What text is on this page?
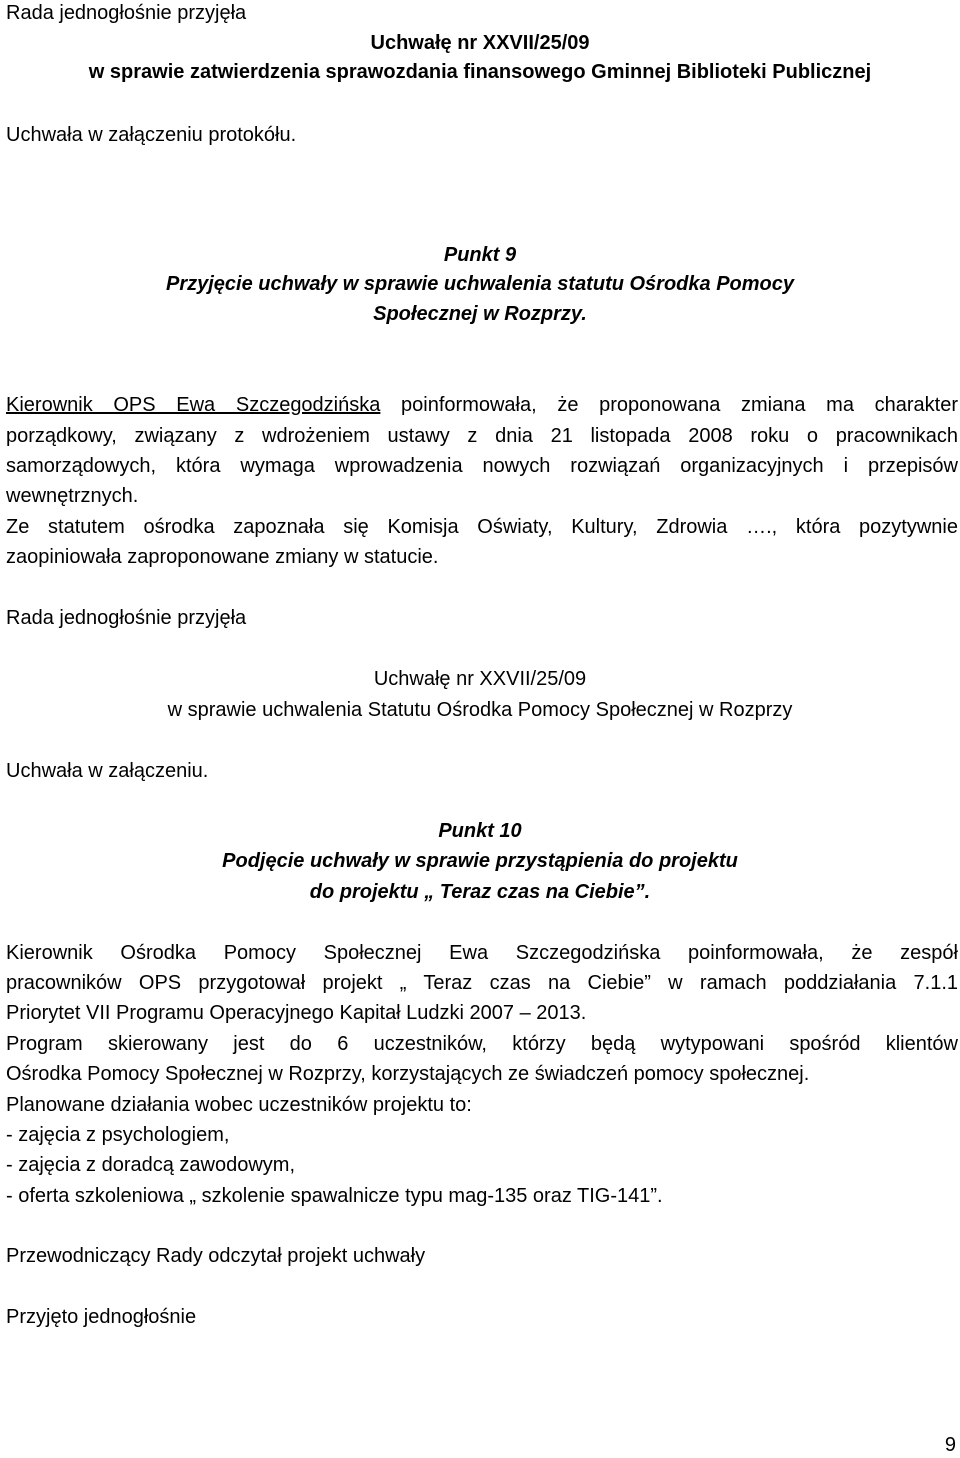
Rada jednogłośnie przyjęła
Uchwałę nr XXVII/25/09
w sprawie zatwierdzenia sprawozdania finansowego Gminnej Biblioteki Publicznej
Uchwała w załączeniu protokółu.
Punkt 9
Przyjęcie uchwały w sprawie uchwalenia statutu Ośrodka Pomocy
Społecznej w Rozprzy.
Kierownik OPS Ewa Szczegodzińska poinformowała, że proponowana zmiana ma charakter
porządkowy, związany z wdrożeniem ustawy z dnia 21 listopada 2008 roku o pracownikach
samorządowych, która wymaga wprowadzenia nowych rozwiązań organizacyjnych i przepisów
wewnętrznych.
Ze statutem ośrodka zapoznała się Komisja Oświaty, Kultury, Zdrowia …., która pozytywnie
zaopiniowała zaproponowane zmiany w statucie.
Rada jednogłośnie przyjęła
Uchwałę nr XXVII/25/09
w sprawie uchwalenia Statutu Ośrodka Pomocy Społecznej w Rozprzy
Uchwała w załączeniu.
Punkt 10
Podjęcie uchwały w sprawie przystąpienia do projektu
do projektu „ Teraz czas na Ciebie”.
Kierownik Ośrodka Pomocy Społecznej Ewa Szczegodzińska poinformowała, że zespół
pracowników OPS przygotował projekt „ Teraz czas na Ciebie” w ramach poddziałania 7.1.1
Priorytet VII Programu Operacyjnego Kapitał Ludzki 2007 – 2013.
Program skierowany jest do 6 uczestników, którzy będą wytypowani spośród klientów
Ośrodka Pomocy Społecznej w Rozprzy, korzystających ze świadczeń pomocy społecznej.
Planowane działania wobec uczestników projektu to:
- zajęcia z psychologiem,
- zajęcia z doradcą zawodowym,
- oferta szkoleniowa „ szkolenie spawalnicze typu mag-135 oraz TIG-141”.
Przewodniczący Rady odczytał projekt uchwały
Przyjęto jednogłośnie
9
